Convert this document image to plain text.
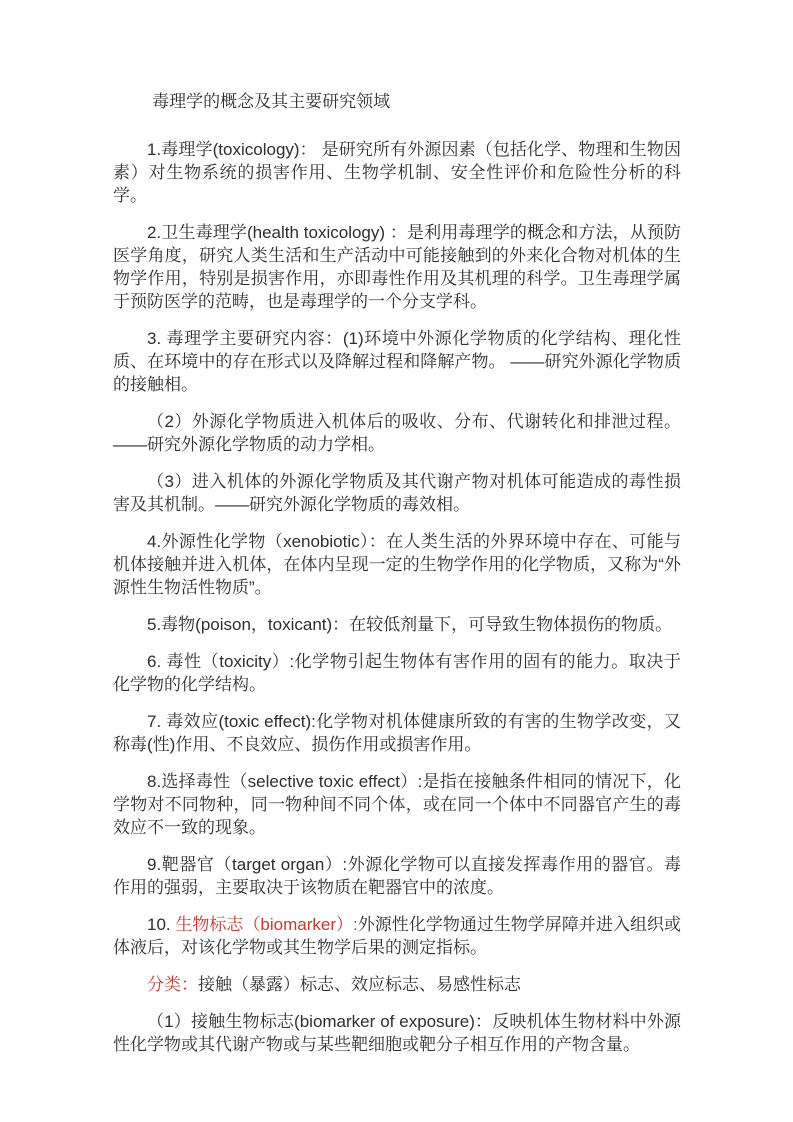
毒理学的概念及其主要研究领域

1.毒理学(toxicology)： 是研究所有外源因素（包括化学、物理和生物因素）对生物系统的损害作用、生物学机制、安全性评价和危险性分析的科学。

2.卫生毒理学(health toxicology) ：是利用毒理学的概念和方法，从预防医学角度，研究人类生活和生产活动中可能接触到的外来化合物对机体的生物学作用，特别是损害作用，亦即毒性作用及其机理的科学。卫生毒理学属于预防医学的范畴，也是毒理学的一个分支学科。

3. 毒理学主要研究内容：(1)环境中外源化学物质的化学结构、理化性质、在环境中的存在形式以及降解过程和降解产物。 ——研究外源化学物质的接触相。

（2）外源化学物质进入机体后的吸收、分布、代谢转化和排泄过程。——研究外源化学物质的动力学相。

（3）进入机体的外源化学物质及其代谢产物对机体可能造成的毒性损害及其机制。——研究外源化学物质的毒效相。

4.外源性化学物（xenobiotic）：在人类生活的外界环境中存在、可能与机体接触并进入机体，在体内呈现一定的生物学作用的化学物质，又称为“外源性生物活性物质”。

5.毒物(poison，toxicant)：在较低剂量下，可导致生物体损伤的物质。

6. 毒性（toxicity）:化学物引起生物体有害作用的固有的能力。取决于化学物的化学结构。

7. 毒效应(toxic effect):化学物对机体健康所致的有害的生物学改变，又称毒(性)作用、不良效应、损伤作用或损害作用。

8.选择毒性（selective toxic effect）:是指在接触条件相同的情况下，化学物对不同物种，同一物种间不同个体，或在同一个体中不同器官产生的毒效应不一致的现象。

9.靶器官（target organ）:外源化学物可以直接发挥毒作用的器官。毒作用的强弱，主要取决于该物质在靶器官中的浓度。

10. 生物标志（biomarker）:外源性化学物通过生物学屏障并进入组织或体液后，对该化学物或其生物学后果的测定指标。

分类：接触（暴露）标志、效应标志、易感性标志

（1）接触生物标志(biomarker of exposure)：反映机体生物材料中外源性化学物或其代谢产物或与某些靶细胞或靶分子相互作用的产物含量。
